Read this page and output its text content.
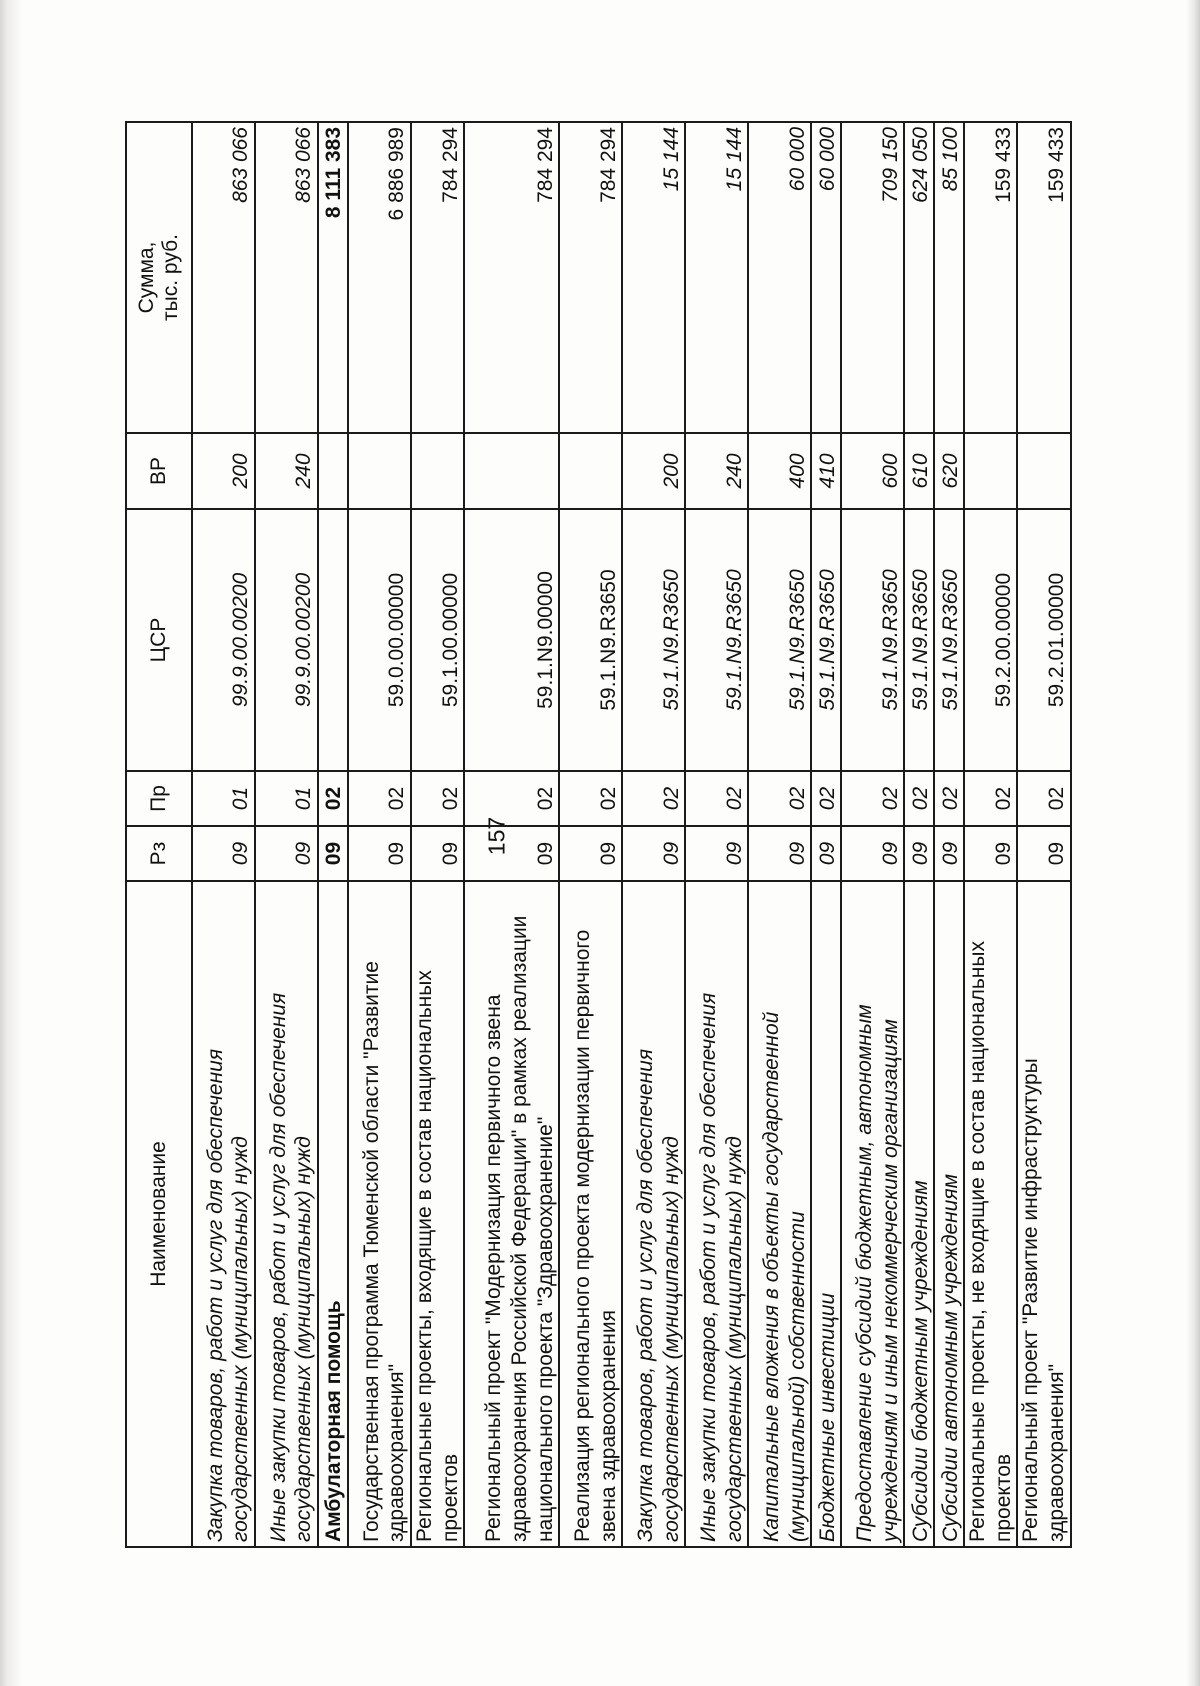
157
Наименование	Рз	Пр	ЦСР	ВР	Сумма,
тыс. руб.
Закупка товаров, работ и услуг для обеспечения государственных (муниципальных) нужд	09	01	99.9.00.00200	200	863 066
Иные закупки товаров, работ и услуг для обеспечения государственных (муниципальных) нужд	09	01	99.9.00.00200	240	863 066
Амбулаторная помощь	09	02			8 111 383
Государственная программа Тюменской области "Развитие здравоохранения"	09	02	59.0.00.00000		6 886 989
Региональные проекты, входящие в состав национальных проектов	09	02	59.1.00.00000		784 294
Региональный проект "Модернизация первичного звена здравоохранения Российской Федерации" в рамках реализации национального проекта "Здравоохранение"	09	02	59.1.N9.00000		784 294
Реализация регионального проекта модернизации первичного звена здравоохранения	09	02	59.1.N9.R3650		784 294
Закупка товаров, работ и услуг для обеспечения государственных (муниципальных) нужд	09	02	59.1.N9.R3650	200	15 144
Иные закупки товаров, работ и услуг для обеспечения государственных (муниципальных) нужд	09	02	59.1.N9.R3650	240	15 144
Капитальные вложения в объекты государственной (муниципальной) собственности	09	02	59.1.N9.R3650	400	60 000
Бюджетные инвестиции	09	02	59.1.N9.R3650	410	60 000
Предоставление субсидий бюджетным, автономным учреждениям и иным некоммерческим организациям	09	02	59.1.N9.R3650	600	709 150
Субсидии бюджетным учреждениям	09	02	59.1.N9.R3650	610	624 050
Субсидии автономным учреждениям	09	02	59.1.N9.R3650	620	85 100
Региональные проекты, не входящие в состав национальных проектов	09	02	59.2.00.00000		159 433
Региональный проект "Развитие инфраструктуры здравоохранения"	09	02	59.2.01.00000		159 433
